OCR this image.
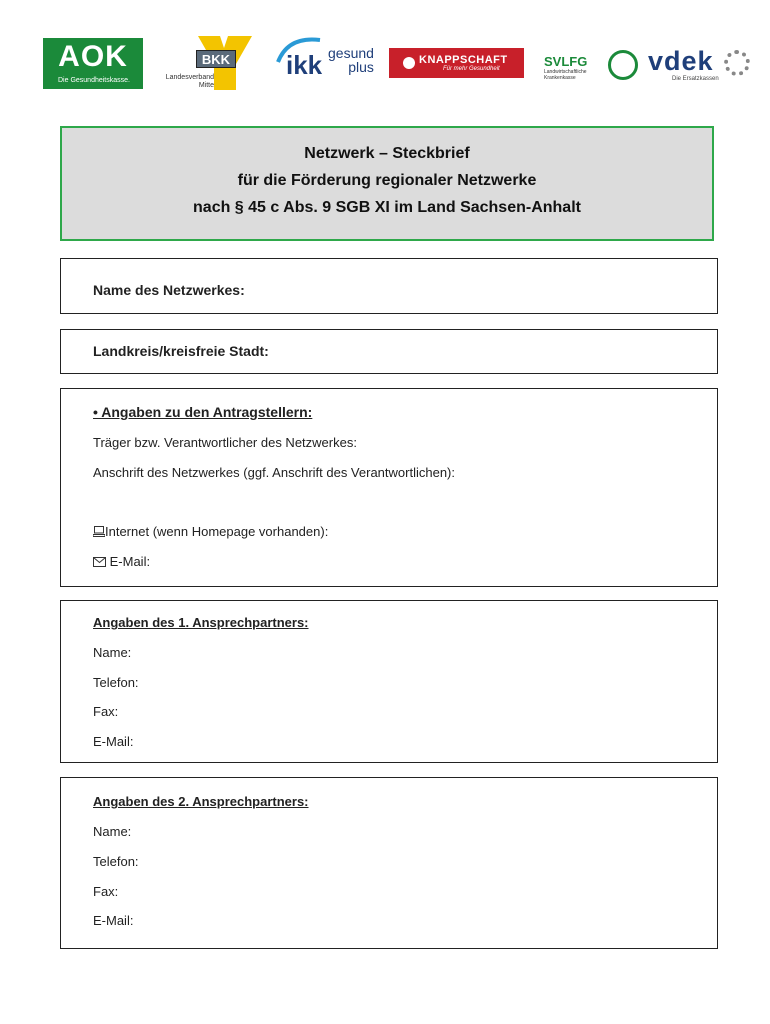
AOK
Die Gesundheitskasse.
BKK
Landesverband
Mitte
ikk gesund
plus	KNAPPSCHAFT
Für mehr Gesundheit	SVLFG
Landwirtschaftliche
Krankenkasse
vdek
Die Ersatzkassen
Netzwerk – Steckbrief
für die Förderung regionaler Netzwerke
nach § 45 c Abs. 9 SGB XI im Land Sachsen-Anhalt
Name des Netzwerkes:
Landkreis/kreisfreie Stadt:
• Angaben zu den Antragstellern:
Träger bzw. Verantwortlicher des Netzwerkes:
Anschrift des Netzwerkes (ggf. Anschrift des Verantwortlichen):
Internet (wenn Homepage vorhanden):
E-Mail:
Angaben des 1. Ansprechpartners:
Name:
Telefon:
Fax:
E-Mail:
Angaben des 2. Ansprechpartners:
Name:
Telefon:
Fax:
E-Mail:
